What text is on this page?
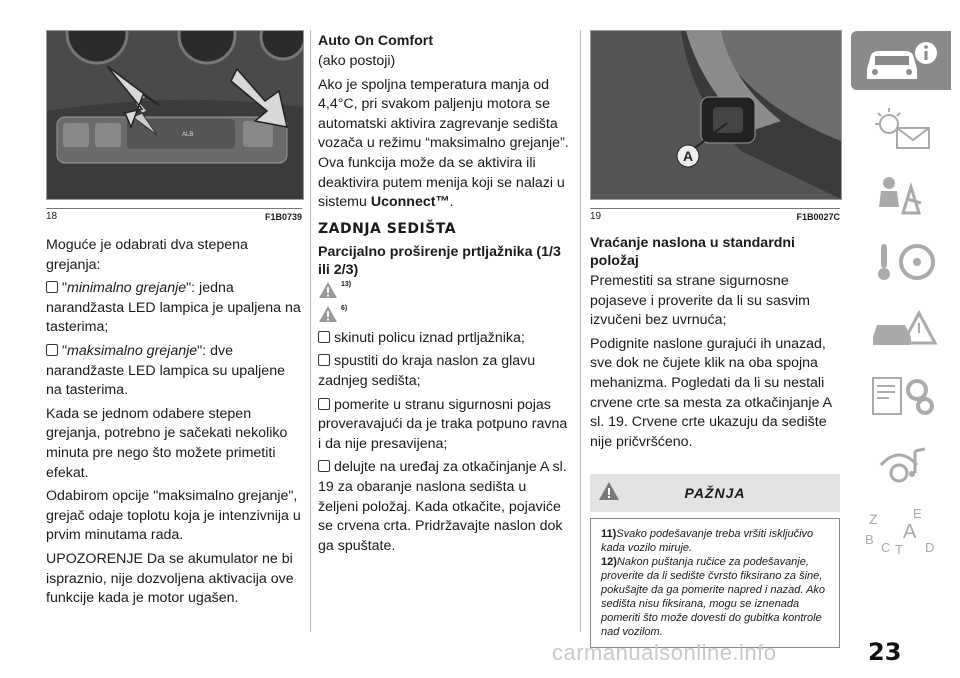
ALB
18	F1B0739

Moguće je odabrati dva stepena grejanja:

"minimalno grejanje": jedna narandžasta LED lampica je upaljena na tasterima;
"maksimalno grejanje": dve narandžaste LED lampica su upaljene na tasterima.

Kada se jednom odabere stepen grejanja, potrebno je sačekati nekoliko minuta pre nego što možete primetiti efekat.

Odabirom opcije "maksimalno grejanje", grejač odaje toplotu koja je intenzivnija u prvim minutama rada.

UPOZORENJE Da se akumulator ne bi ispraznio, nije dozvoljena aktivacija ove funkcije kada je motor ugašen.

Auto On Comfort

(ako postoji)

Ako je spoljna temperatura manja od 4,4°C, pri svakom paljenju motora se automatski aktivira zagrevanje sedišta vozača u režimu “maksimalno grejanje”. Ova funkcija može da se aktivira ili deaktivira putem menija koji se nalazi u sistemu Uconnect™.

ZADNJA SEDIŠTA
Parcijalno proširenje prtljažnika (1/3 ili 2/3)
13)
6)
skinuti policu iznad prtljažnika;
spustiti do kraja naslon za glavu zadnjeg sedišta;
pomerite u stranu sigurnosni pojas proveravajući da je traka potpuno ravna i da nije presavijena;
delujte na uređaj za otkačinjanje A sl. 19 za obaranje naslona sedišta u željeni položaj. Kada otkačite, pojaviće se crvena crta. Pridržavajte naslon dok ga spuštate.
A
19	F1B0027C
Vraćanje naslona u standardni položaj

Premestiti sa strane sigurnosne pojaseve i proverite da li su sasvim izvučeni bez uvrnuća;

Podignite naslone gurajući ih unazad, sve dok ne čujete klik na oba spojna mehanizma. Pogledati da li su nestali crvene crte sa mesta za otkačinjanje A sl. 19. Crvene crte ukazuju da sedište nije pričvršćeno.

PAŽNJA
11)Svako podešavanje treba vršiti isključivo kada vozilo miruje.
12)Nakon puštanja ručice za podešavanje, proverite da li sedište čvrsto fiksirano za šine, pokušajte da ga pomerite napred i nazad. Ako sedišta nisu fiksirana, mogu se iznenada pomeriti što može dovesti do gubitka kontrole nad vozilom.
Z	E
B A
C T D
carmanualsonline.info	23
